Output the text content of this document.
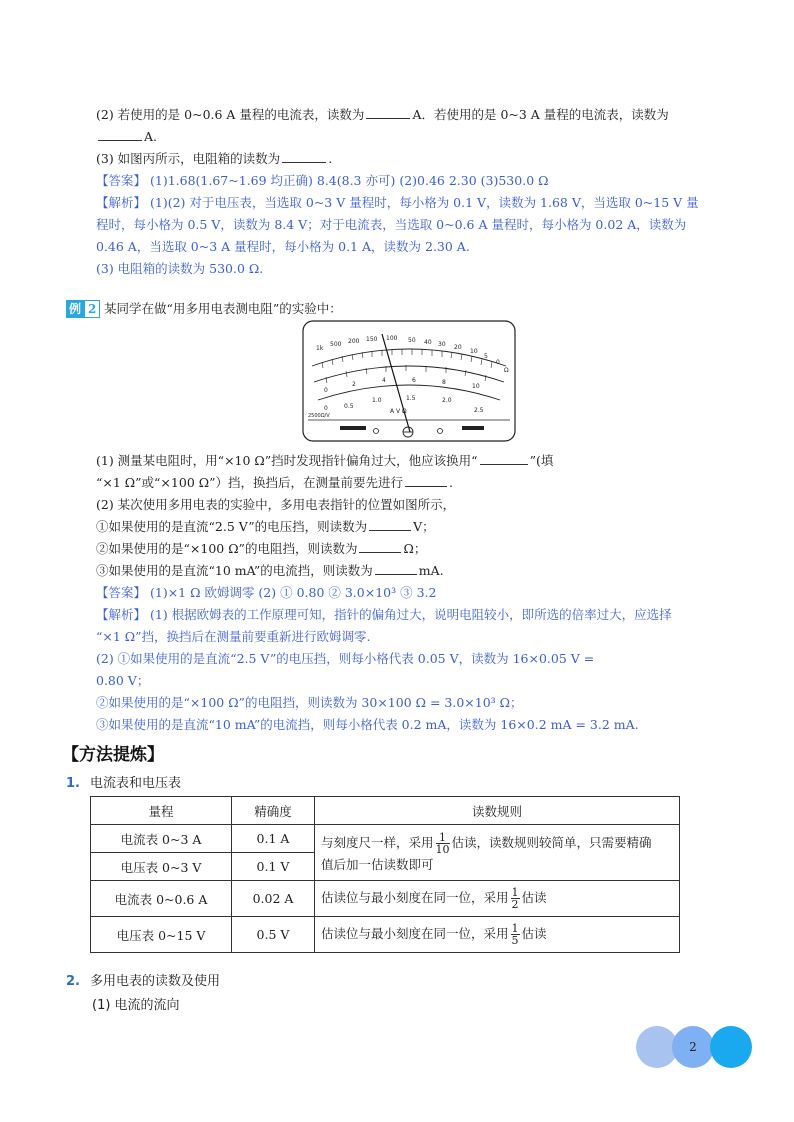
(2) 若使用的是 0~0.6 A 量程的电流表，读数为	A．若使用的是 0~3 A 量程的电流表，读数为
A.
(3) 如图丙所示，电阻箱的读数为	.
【答案】 (1)1.68(1.67~1.69 均正确) 8.4(8.3 亦可) (2)0.46 2.30 (3)530.0 Ω
【解析】 (1)(2) 对于电压表，当选取 0~3 V 量程时，每小格为 0.1 V，读数为 1.68 V，当选取 0~15 V 量
程时，每小格为 0.5 V，读数为 8.4 V；对于电流表，当选取 0~0.6 A 量程时，每小格为 0.02 A，读数为
0.46 A，当选取 0~3 A 量程时，每小格为 0.1 A，读数为 2.30 A.
(3) 电阻箱的读数为 530.0 Ω.
例 2 某同学在做“用多用电表测电阻”的实验中：
1k
500 200 150 100 50 40 30 20
10
5
0
Ω
0
2
4	6	8
10
0	0.5
1.0	1.5	2.0
2.5
A V Ω
2500Ω/V
(1) 测量某电阻时，用“×10 Ω”挡时发现指针偏角过大，他应该换用“	”(填
“×1 Ω”或“×100 Ω”）挡，换挡后，在测量前要先进行	.
(2) 某次使用多用电表的实验中，多用电表指针的位置如图所示，
①如果使用的是直流“2.5 V”的电压挡，则读数为	V；
②如果使用的是“×100 Ω”的电阻挡，则读数为	Ω；
③如果使用的是直流“10 mA”的电流挡，则读数为	mA.
【答案】 (1)×1 Ω 欧姆调零 (2) ① 0.80 ② 3.0×10³ ③ 3.2
【解析】 (1) 根据欧姆表的工作原理可知，指针的偏角过大，说明电阻较小，即所选的倍率过大，应选择
“×1 Ω”挡，换挡后在测量前要重新进行欧姆调零.
(2) ①如果使用的是直流“2.5 V”的电压挡，则每小格代表 0.05 V，读数为 16×0.05 V =
0.80 V；
②如果使用的是“×100 Ω”的电阻挡，则读数为 30×100 Ω = 3.0×10³ Ω；
③如果使用的是直流“10 mA”的电流挡，则每小格代表 0.2 mA，读数为 16×0.2 mA = 3.2 mA.
【方法提炼】
1. 电流表和电压表
量程	精确度	读数规则
电流表 0~3 A	0.1 A	与刻度尺一样，采用 $\frac{1}{10}$ 估读，读数规则较简单，只需要精确
值后加一估读数即可
电压表 0~3 V	0.1 V	
电流表 0~0.6 A	0.02 A	估读位与最小刻度在同一位，采用 $\frac{1}{2}$ 估读
电压表 0~15 V	0.5 V	估读位与最小刻度在同一位，采用 $\frac{1}{5}$ 估读
2. 多用电表的读数及使用
(1) 电流的流向
2
